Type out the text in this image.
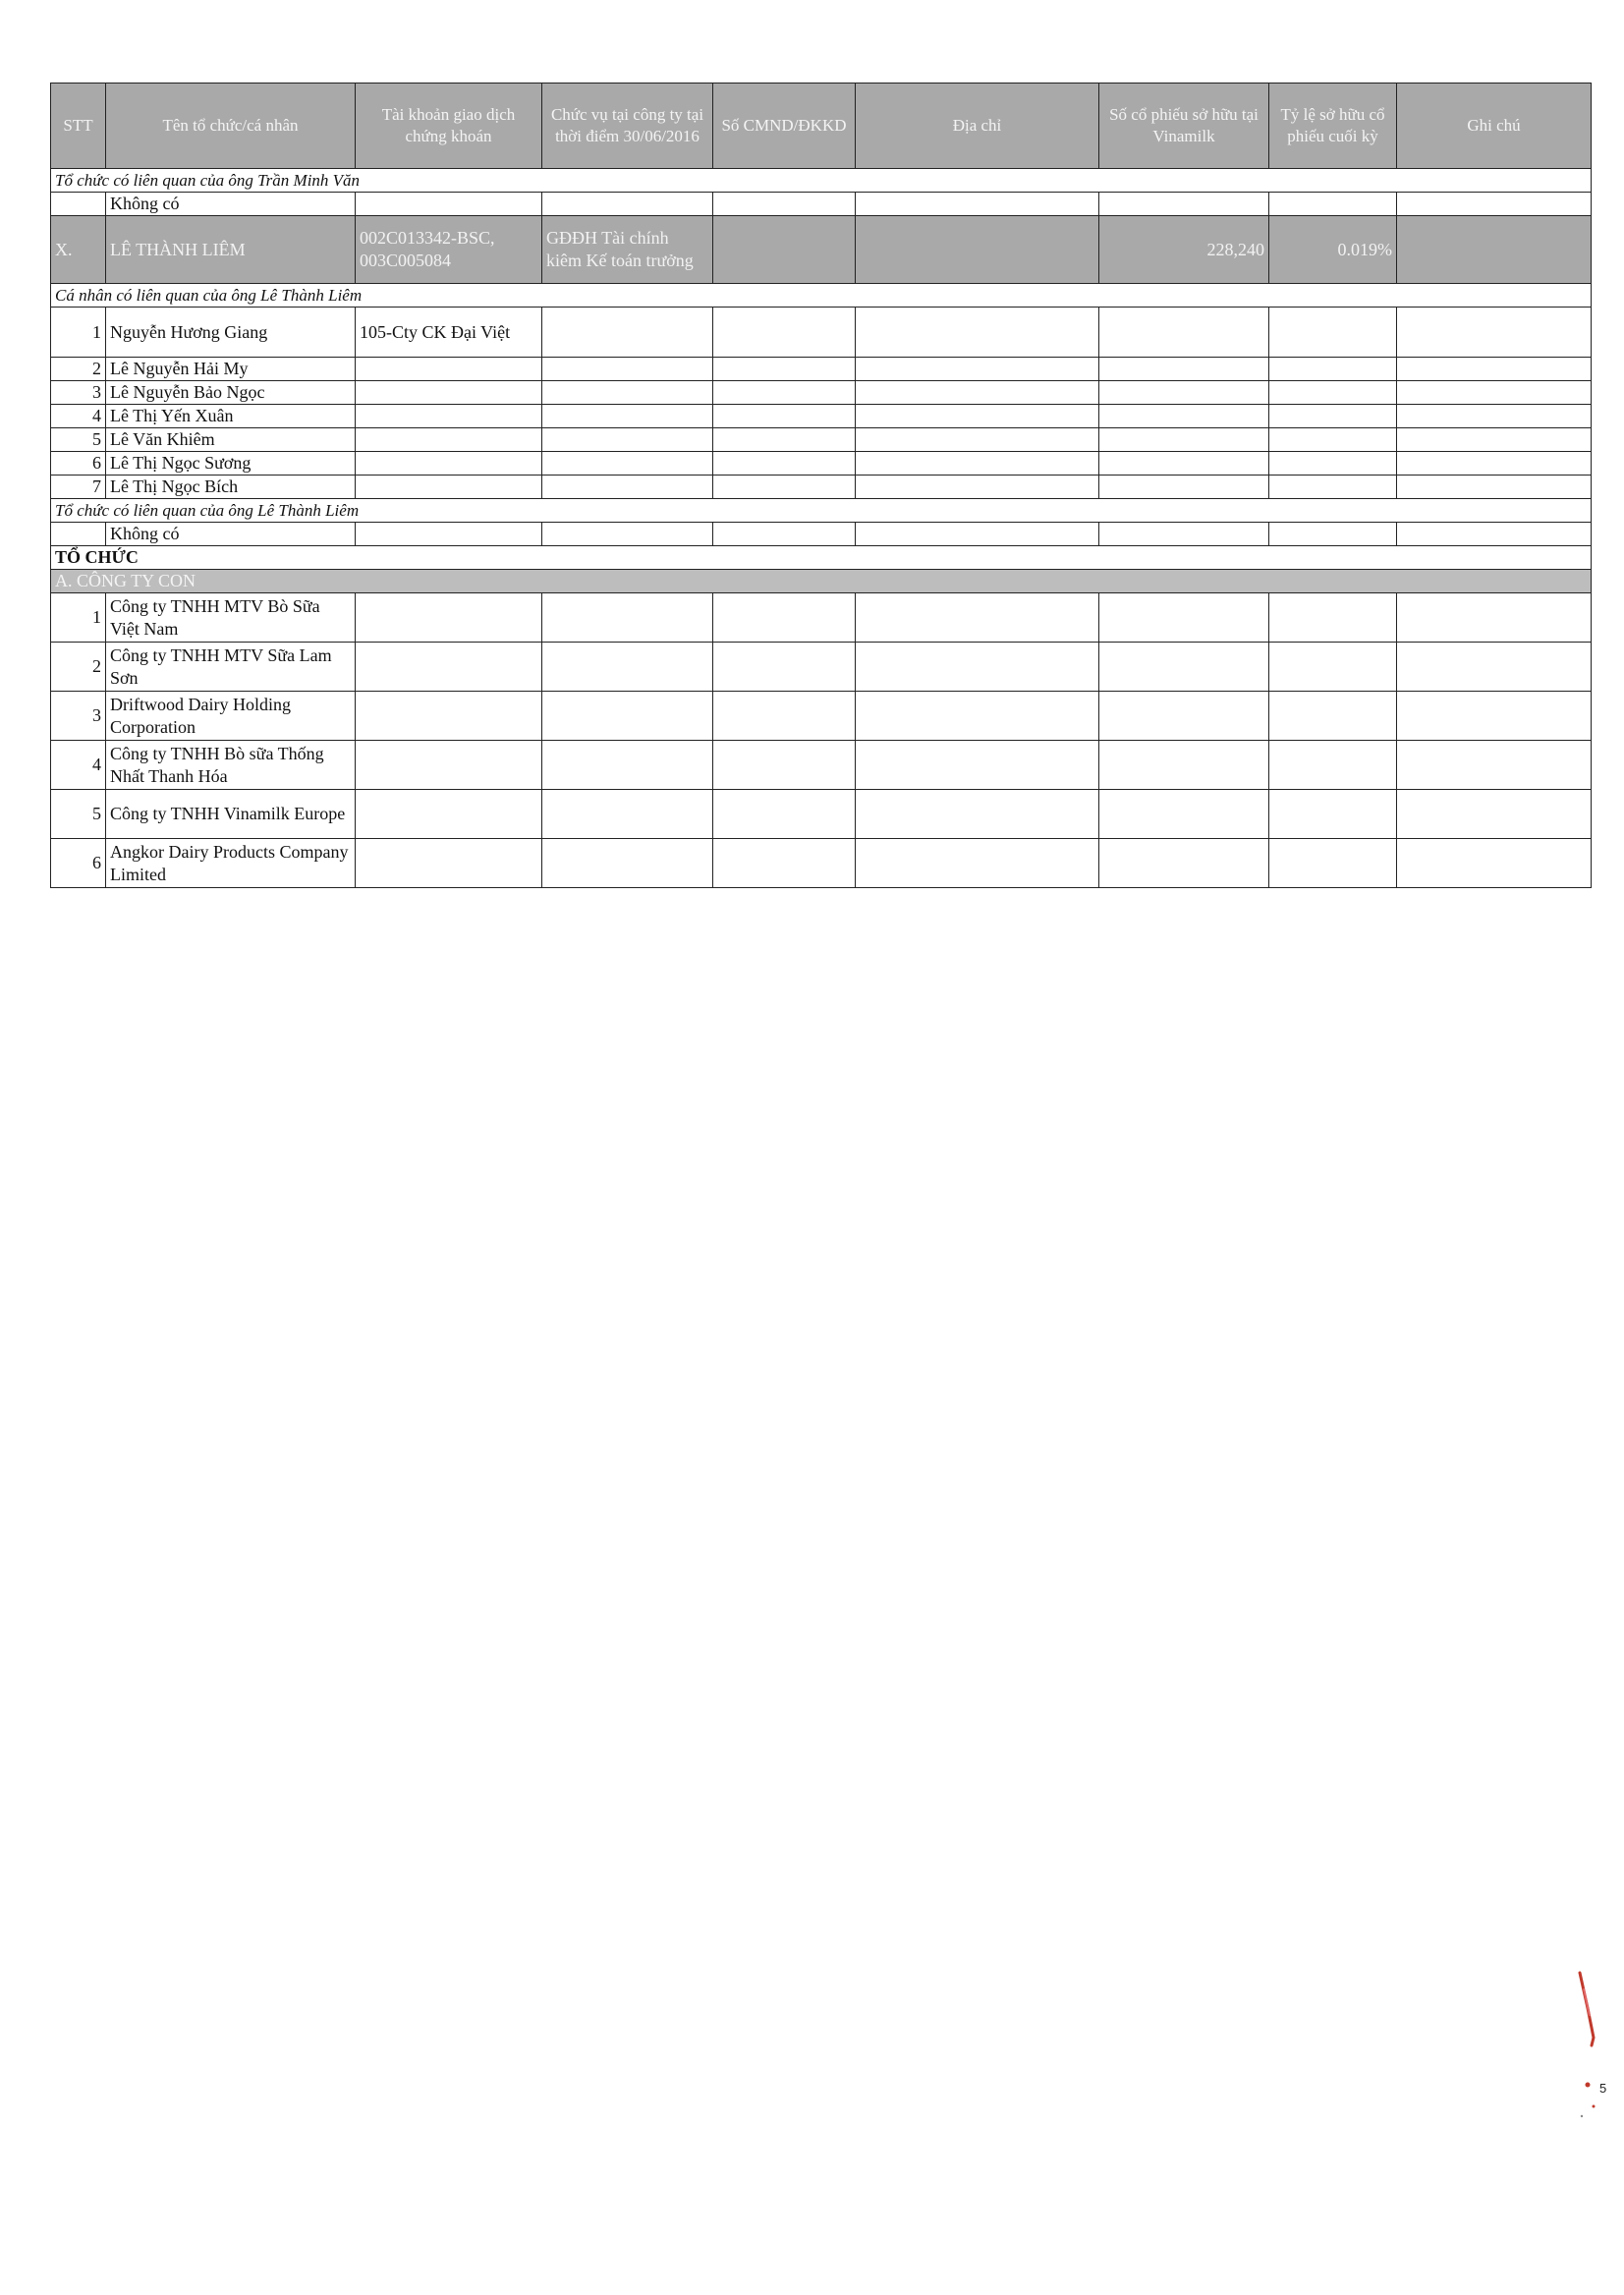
STT	Tên tổ chức/cá nhân	Tài khoản giao dịch chứng khoán	Chức vụ tại công ty tại thời điểm 30/06/2016	Số CMND/ĐKKD	Địa chỉ	Số cổ phiếu sở hữu tại Vinamilk	Tỷ lệ sở hữu cổ phiếu cuối kỳ	Ghi chú
Tổ chức có liên quan của ông Trần Minh Văn								
	Không có							
X.	LÊ THÀNH LIÊM	002C013342-BSC, 003C005084	GĐĐH Tài chính kiêm Kế toán trưởng			228,240	0.019%	
Cá nhân có liên quan của ông Lê Thành Liêm								
1	Nguyễn Hương Giang	105-Cty CK Đại Việt						
2	Lê Nguyễn Hải My							
3	Lê Nguyễn Bảo Ngọc							
4	Lê Thị Yến Xuân							
5	Lê Văn Khiêm							
6	Lê Thị Ngọc Sương							
7	Lê Thị Ngọc Bích							
Tổ chức có liên quan của ông Lê Thành Liêm								
	Không có							
TỔ CHỨC								
A. CÔNG TY CON								
1	Công ty TNHH MTV Bò Sữa Việt Nam							
2	Công ty TNHH MTV Sữa Lam Sơn							
3	Driftwood Dairy Holding Corporation							
4	Công ty TNHH Bò sữa Thống Nhất Thanh Hóa							
5	Công ty TNHH Vinamilk Europe							
6	Angkor Dairy Products Company Limited							
5
